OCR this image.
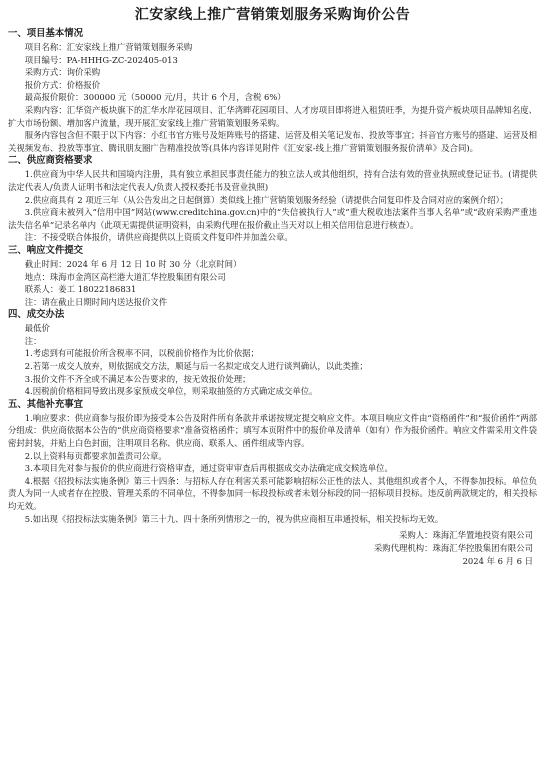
汇安家线上推广营销策划服务采购询价公告
一、项目基本情况

项目名称：汇安家线上推广营销策划服务采购

项目编号：PA-HHHG-ZC-202405-013

采购方式：询价采购

报价方式：价格报价

最高报价限价：300000 元（50000 元/月，共计 6 个月，含税 6%）

采购内容：汇华资产板块旗下的汇华水岸花园项目、汇华湾畔花园项目、人才房项目即将进入租赁旺季，为提升资产板块项目品牌知名度、扩大市场份额、增加客户流量，现开展汇安家线上推广营销策划服务采购。

服务内容包含但不限于以下内容：小红书官方账号及矩阵账号的搭建、运营及相关笔记发布、投放等事宜；抖音官方账号的搭建、运营及相关视频发布、投放等事宜、腾讯朋友圈广告精准投放等(具体内容详见附件《汇安家-线上推广营销策划服务报价清单》及合同)。

二、供应商资格要求

1.供应商为中华人民共和国境内注册，具有独立承担民事责任能力的独立法人或其他组织，持有合法有效的营业执照或登记证书。(请提供法定代表人/负责人证明书和法定代表人/负责人授权委托书及营业执照)

2.供应商具有 2 项近三年（从公告发出之日起倒算）类似线上推广营销策划服务经验（请提供合同复印件及合同对应的案例介绍）；

3.供应商未被列入“信用中国”网站(www.creditchina.gov.cn)中的“失信被执行人”或“重大税收违法案件当事人名单”或“政府采购严重违法失信名单”记录名单内（此项无需提供证明资料，由采购代理在报价截止当天对以上相关信用信息进行核查）。

注：不接受联合体报价，请供应商提供以上资质文件复印件并加盖公章。

三、响应文件提交

截止时间：2024 年 6 月 12 日 10 时 30 分（北京时间）

地点：珠海市金湾区高栏港大道汇华控股集团有限公司

联系人：姜工 18022186831

注：请在截止日期时间内送达报价文件

四、成交办法

最低价

注：

1.考虑到有可能报价所含税率不同，以税前价格作为比价依据；

2.若第一成交人放弃，则依据成交方法，顺延与后一名拟定成交人进行谈判确认，以此类推；

3.报价文件不齐全或不满足本公告要求的，按无效报价处理；

4.因税前价格相同导致出现多家预成交单位，则采取抽签的方式确定成交单位。

五、其他补充事宜

1.响应要求：供应商参与报价即为接受本公告及附件所有条款并承诺按规定提交响应文件。本项目响应文件由“资格函件”和“报价函件”两部分组成：供应商依据本公告的“供应商资格要求”准备资格函件；填写本页附件中的报价单及清单（如有）作为报价函件。响应文件需采用文件袋密封封装，并贴上白色封面，注明项目名称、供应商、联系人、函件组成等内容。

2.以上资料每页都要求加盖责司公章。

3.本项目先对参与报价的供应商进行资格审查，通过资审审查后再根据成交办法确定成交候选单位。

4.根据《招投标法实施条例》第三十四条：与招标人存在利害关系可能影响招标公正性的法人、其他组织或者个人，不得参加投标。单位负责人为同一人或者存在控股、管理关系的不同单位，不得参加同一标段投标或者未划分标段的同一招标项目投标。违反前两款规定的，相关投标均无效。

5.如出现《招投标法实施条例》第三十九、四十条所列情形之一的，视为供应商相互串通投标，相关投标均无效。

采购人：珠海汇华置地投资有限公司

采购代理机构：珠海汇华控股集团有限公司

2024 年 6 月 6 日
